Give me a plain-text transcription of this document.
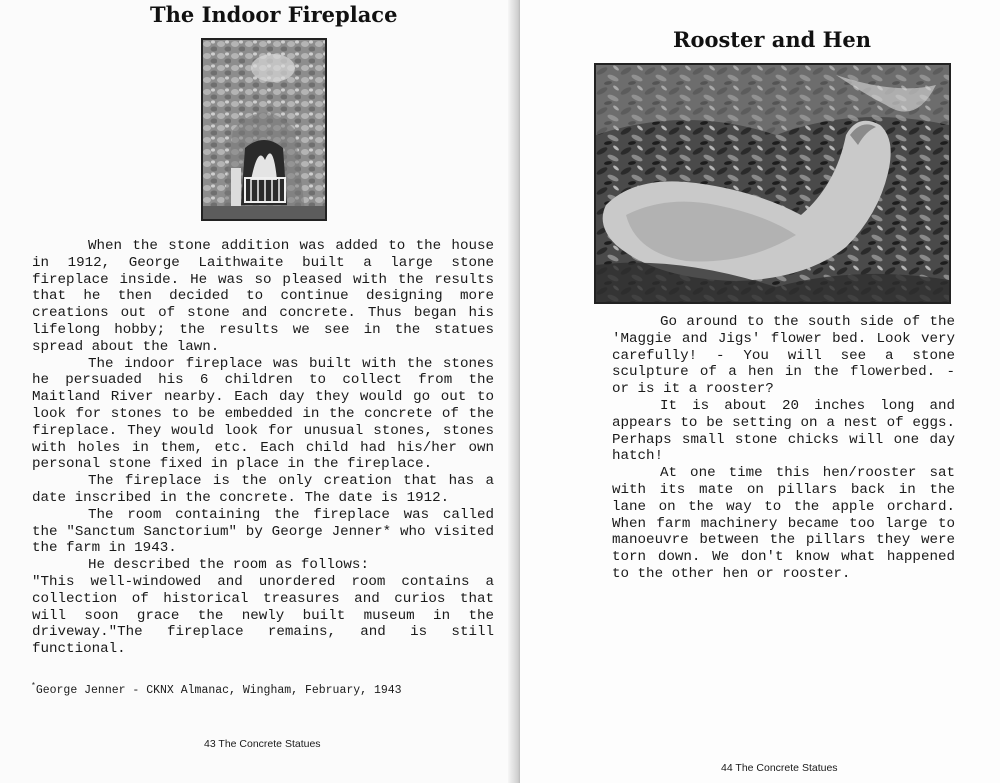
The Indoor Fireplace

When the stone addition was added to the house in 1912, George Laithwaite built a large stone fireplace inside. He was so pleased with the results that he then decided to continue designing more creations out of stone and concrete. Thus began his lifelong hobby; the results we see in the statues spread about the lawn.

The indoor fireplace was built with the stones he persuaded his 6 children to collect from the Maitland River nearby. Each day they would go out to look for stones to be embedded in the concrete of the fireplace. They would look for unusual stones, stones with holes in them, etc. Each child had his/her own personal stone fixed in place in the fireplace.

The fireplace is the only creation that has a date inscribed in the concrete. The date is 1912.

The room containing the fireplace was called the "Sanctum Sanctorium" by George Jenner* who visited the farm in 1943.

He described the room as follows:

"This well-windowed and unordered room contains a collection of historical treasures and curios that will soon grace the newly built museum in the driveway."The fireplace remains, and is still functional.

*George Jenner - CKNX Almanac, Wingham, February, 1943
43 The Concrete Statues
Rooster and Hen

Go around to the south side of the 'Maggie and Jigs' flower bed. Look very carefully! - You will see a stone sculpture of a hen in the flowerbed. - or is it a rooster?

It is about 20 inches long and appears to be setting on a nest of eggs. Perhaps small stone chicks will one day hatch!

At one time this hen/rooster sat with its mate on pillars back in the lane on the way to the apple orchard. When farm machinery became too large to manoeuvre between the pillars they were torn down. We don't know what happened to the other hen or rooster.

44 The Concrete Statues
